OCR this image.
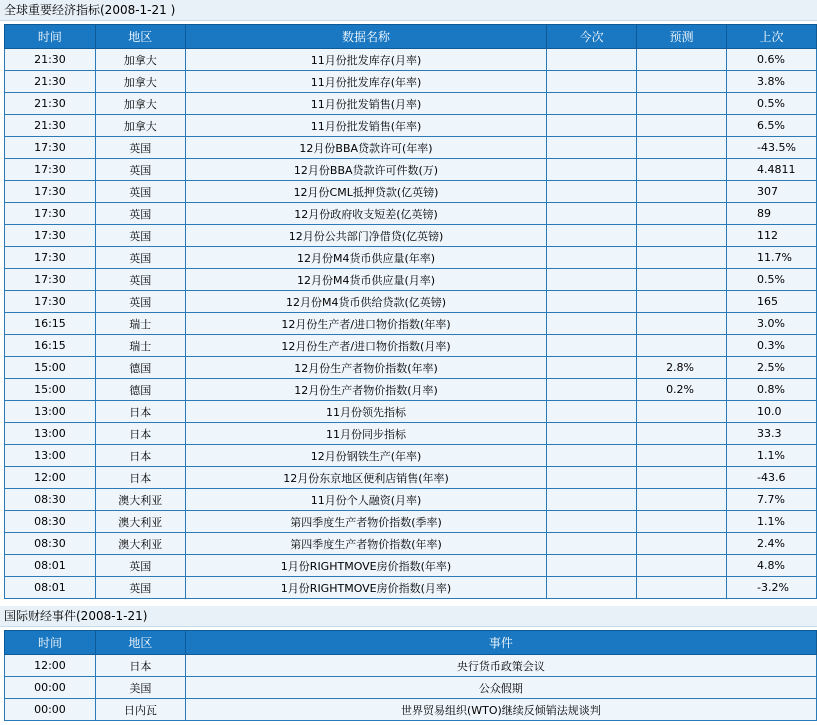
全球重要经济指标(2008-1-21 )
时间	地区	数据名称	今次	预测	上次
21:30	加拿大	11月份批发库存(月率)			0.6%
21:30	加拿大	11月份批发库存(年率)			3.8%
21:30	加拿大	11月份批发销售(月率)			0.5%
21:30	加拿大	11月份批发销售(年率)			6.5%
17:30	英国	12月份BBA贷款许可(年率)			-43.5%
17:30	英国	12月份BBA贷款许可件数(万)			4.4811
17:30	英国	12月份CML抵押贷款(亿英镑)			307
17:30	英国	12月份政府收支短差(亿英镑)			89
17:30	英国	12月份公共部门净借贷(亿英镑)			112
17:30	英国	12月份M4货币供应量(年率)			11.7%
17:30	英国	12月份M4货币供应量(月率)			0.5%
17:30	英国	12月份M4货币供给贷款(亿英镑)			165
16:15	瑞士	12月份生产者/进口物价指数(年率)			3.0%
16:15	瑞士	12月份生产者/进口物价指数(月率)			0.3%
15:00	德国	12月份生产者物价指数(年率)		2.8%	2.5%
15:00	德国	12月份生产者物价指数(月率)		0.2%	0.8%
13:00	日本	11月份领先指标			10.0
13:00	日本	11月份同步指标			33.3
13:00	日本	12月份钢铁生产(年率)			1.1%
12:00	日本	12月份东京地区便利店销售(年率)			-43.6
08:30	澳大利亚	11月份个人融资(月率)			7.7%
08:30	澳大利亚	第四季度生产者物价指数(季率)			1.1%
08:30	澳大利亚	第四季度生产者物价指数(年率)			2.4%
08:01	英国	1月份RIGHTMOVE房价指数(年率)			4.8%
08:01	英国	1月份RIGHTMOVE房价指数(月率)			-3.2%
国际财经事件(2008-1-21)
时间	地区	事件
12:00	日本	央行货币政策会议
00:00	美国	公众假期
00:00	日内瓦	世界贸易组织(WTO)继续反倾销法规谈判
